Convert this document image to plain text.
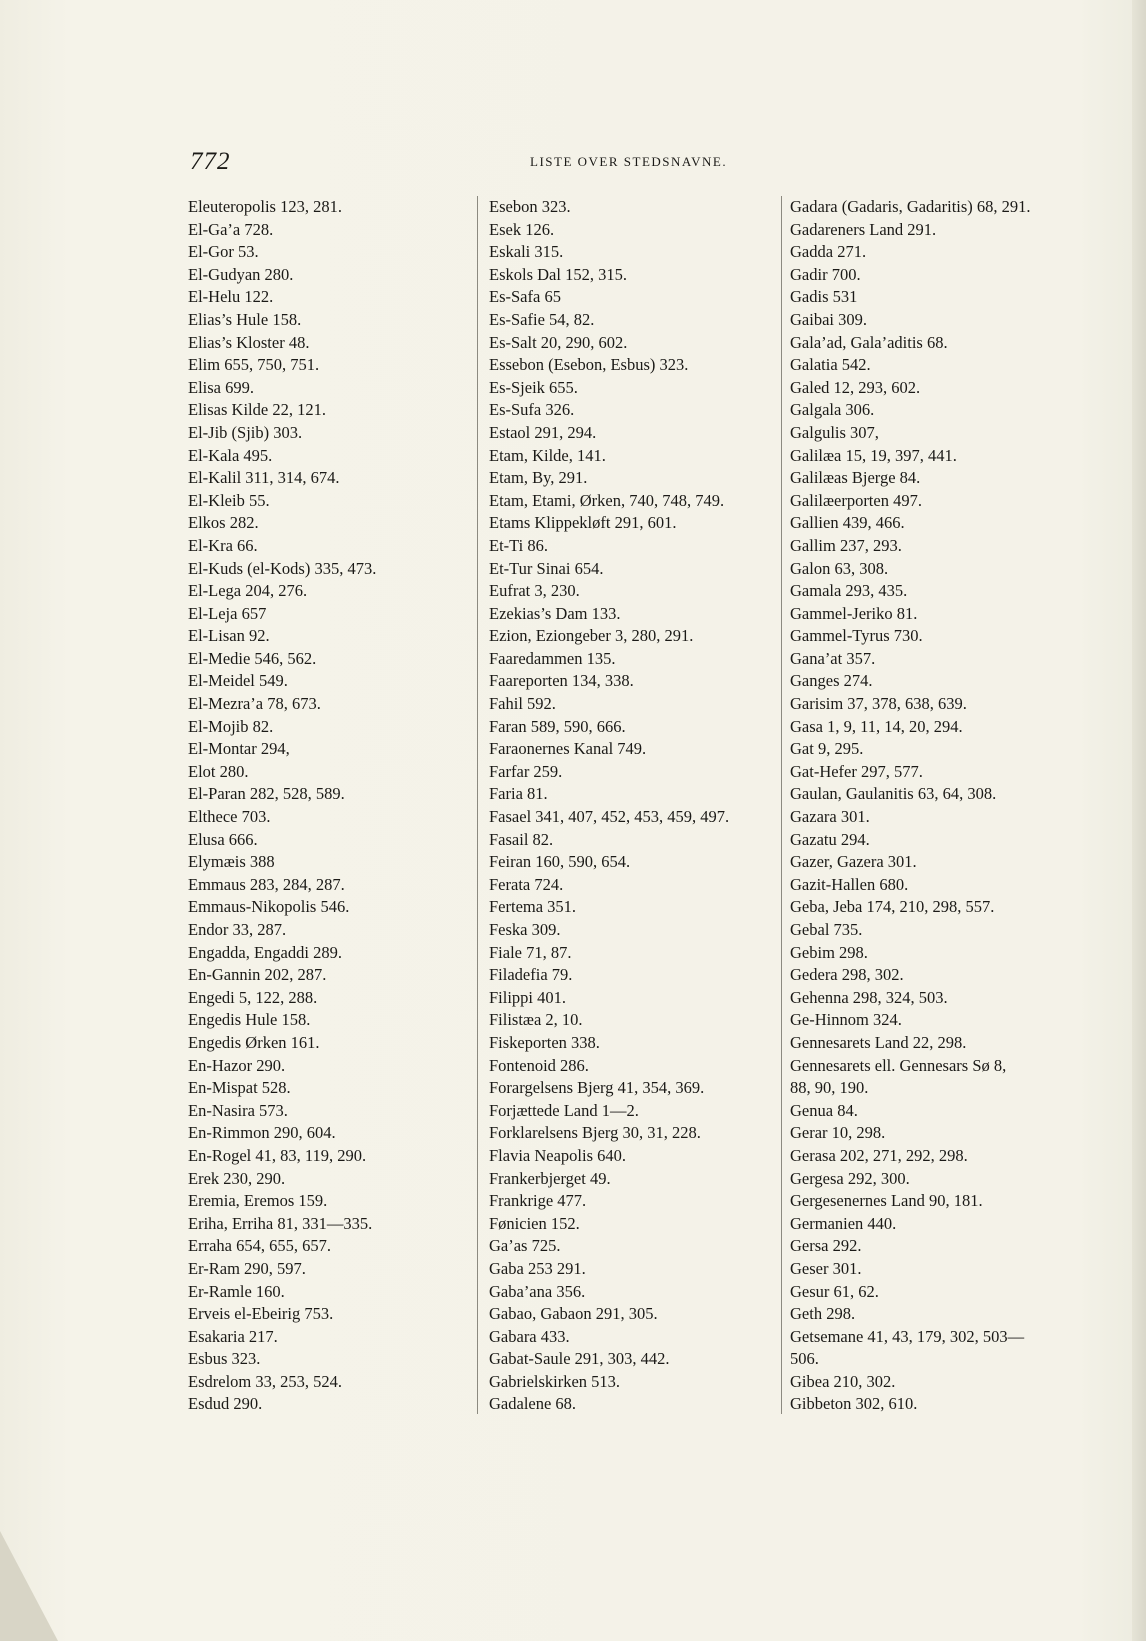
772	LISTE OVER STEDSNAVNE.
Eleuteropolis 123, 281.
El-Ga’a 728.
El-Gor 53.
El-Gudyan 280.
El-Helu 122.
Elias’s Hule 158.
Elias’s Kloster 48.
Elim 655, 750, 751.
Elisa 699.
Elisas Kilde 22, 121.
El-Jib (Sjib) 303.
El-Kala 495.
El-Kalil 311, 314, 674.
El-Kleib 55.
Elkos 282.
El-Kra 66.
El-Kuds (el-Kods) 335, 473.
El-Lega 204, 276.
El-Leja 657
El-Lisan 92.
El-Medie 546, 562.
El-Meidel 549.
El-Mezra’a 78, 673.
El-Mojib 82.
El-Montar 294,
Elot 280.
El-Paran 282, 528, 589.
Elthece 703.
Elusa 666.
Elymæis 388
Emmaus 283, 284, 287.
Emmaus-Nikopolis 546.
Endor 33, 287.
Engadda, Engaddi 289.
En-Gannin 202, 287.
Engedi 5, 122, 288.
Engedis Hule 158.
Engedis Ørken 161.
En-Hazor 290.
En-Mispat 528.
En-Nasira 573.
En-Rimmon 290, 604.
En-Rogel 41, 83, 119, 290.
Erek 230, 290.
Eremia, Eremos 159.
Eriha, Erriha 81, 331—335.
Erraha 654, 655, 657.
Er-Ram 290, 597.
Er-Ramle 160.
Erveis el-Ebeirig 753.
Esakaria 217.
Esbus 323.
Esdrelom 33, 253, 524.
Esdud 290.
Esebon 323.
Esek 126.
Eskali 315.
Eskols Dal 152, 315.
Es-Safa 65
Es-Safie 54, 82.
Es-Salt 20, 290, 602.
Essebon (Esebon, Esbus) 323.
Es-Sjeik 655.
Es-Sufa 326.
Estaol 291, 294.
Etam, Kilde, 141.
Etam, By, 291.
Etam, Etami, Ørken, 740, 748, 749.
Etams Klippekløft 291, 601.
Et-Ti 86.
Et-Tur Sinai 654.
Eufrat 3, 230.
Ezekias’s Dam 133.
Ezion, Eziongeber 3, 280, 291.
Faaredammen 135.
Faareporten 134, 338.
Fahil 592.
Faran 589, 590, 666.
Faraonernes Kanal 749.
Farfar 259.
Faria 81.
Fasael 341, 407, 452, 453, 459, 497.
Fasail 82.
Feiran 160, 590, 654.
Ferata 724.
Fertema 351.
Feska 309.
Fiale 71, 87.
Filadefia 79.
Filippi 401.
Filistæa 2, 10.
Fiskeporten 338.
Fontenoid 286.
Forargelsens Bjerg 41, 354, 369.
Forjættede Land 1—2.
Forklarelsens Bjerg 30, 31, 228.
Flavia Neapolis 640.
Frankerbjerget 49.
Frankrige 477.
Fønicien 152.
Ga’as 725.
Gaba 253 291.
Gaba’ana 356.
Gabao, Gabaon 291, 305.
Gabara 433.
Gabat-Saule 291, 303, 442.
Gabrielskirken 513.
Gadalene 68.
Gadara (Gadaris, Gadaritis) 68, 291.
Gadareners Land 291.
Gadda 271.
Gadir 700.
Gadis 531
Gaibai 309.
Gala’ad, Gala’aditis 68.
Galatia 542.
Galed 12, 293, 602.
Galgala 306.
Galgulis 307,
Galilæa 15, 19, 397, 441.
Galilæas Bjerge 84.
Galilæerporten 497.
Gallien 439, 466.
Gallim 237, 293.
Galon 63, 308.
Gamala 293, 435.
Gammel-Jeriko 81.
Gammel-Tyrus 730.
Gana’at 357.
Ganges 274.
Garisim 37, 378, 638, 639.
Gasa 1, 9, 11, 14, 20, 294.
Gat 9, 295.
Gat-Hefer 297, 577.
Gaulan, Gaulanitis 63, 64, 308.
Gazara 301.
Gazatu 294.
Gazer, Gazera 301.
Gazit-Hallen 680.
Geba, Jeba 174, 210, 298, 557.
Gebal 735.
Gebim 298.
Gedera 298, 302.
Gehenna 298, 324, 503.
Ge-Hinnom 324.
Gennesarets Land 22, 298.
Gennesarets ell. Gennesars Sø 8,
88, 90, 190.
Genua 84.
Gerar 10, 298.
Gerasa 202, 271, 292, 298.
Gergesa 292, 300.
Gergesenernes Land 90, 181.
Germanien 440.
Gersa 292.
Geser 301.
Gesur 61, 62.
Geth 298.
Getsemane 41, 43, 179, 302, 503—
506.
Gibea 210, 302.
Gibbeton 302, 610.
